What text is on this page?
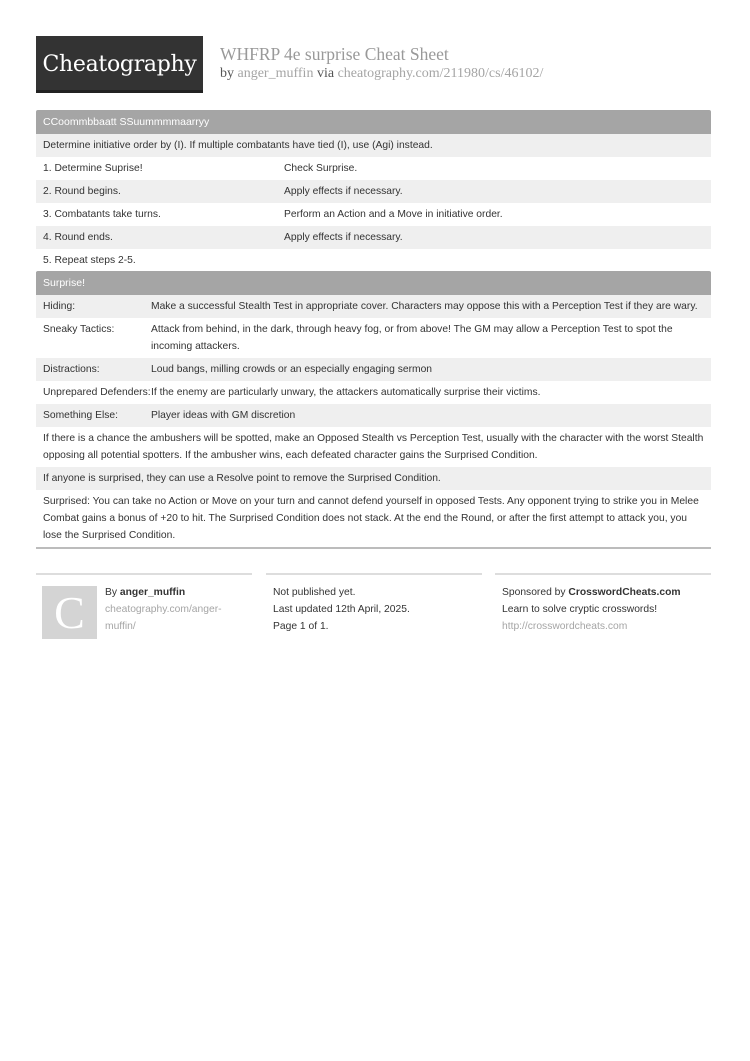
Cheatography WHFRP 4e surprise Cheat Sheet
by anger_muffin via cheatography.com/211980/cs/46102/
CCoommbbaatt SSuummmmaarryy
Determine initiative order by (I). If multiple combatants have tied (I), use (Agi) instead.
1. Determine Suprise!	Check Surprise.
2. Round begins.	Apply effects if necessary.
3. Combatants take turns.	Perform an Action and a Move in initiative order.
4. Round ends.	Apply effects if necessary.
5. Repeat steps 2-5.
Surprise!
Hiding:	Make a successful Stealth Test in appropriate cover. Characters may oppose this with a Perception Test if they are wary.
Sneaky Tactics:	Attack from behind, in the dark, through heavy fog, or from above! The GM may allow a Perception Test to spot the incoming attackers.
Distractions:	Loud bangs, milling crowds or an especially engaging sermon
Unprepared Defenders: If the enemy are particularly unwary, the attackers automatically surprise their victims.
Something Else:	Player ideas with GM discretion
If there is a chance the ambushers will be spotted, make an Opposed Stealth vs Perception Test, usually with the character with the worst Stealth opposing all potential spotters. If the ambusher wins, each defeated character gains the Surprised Condition.
If anyone is surprised, they can use a Resolve point to remove the Surprised Condition.
Surprised: You can take no Action or Move on your turn and cannot defend yourself in opposed Tests. Any opponent trying to strike you in Melee Combat gains a bonus of +20 to hit. The Surprised Condition does not stack. At the end the Round, or after the first attempt to attack you, you lose the Surprised Condition.
C By anger_muffin
cheatography.com/anger-muffin/
Not published yet.
Last updated 12th April, 2025.
Page 1 of 1.
Sponsored by CrosswordCheats.com
Learn to solve cryptic crosswords!
http://crosswordcheats.com
